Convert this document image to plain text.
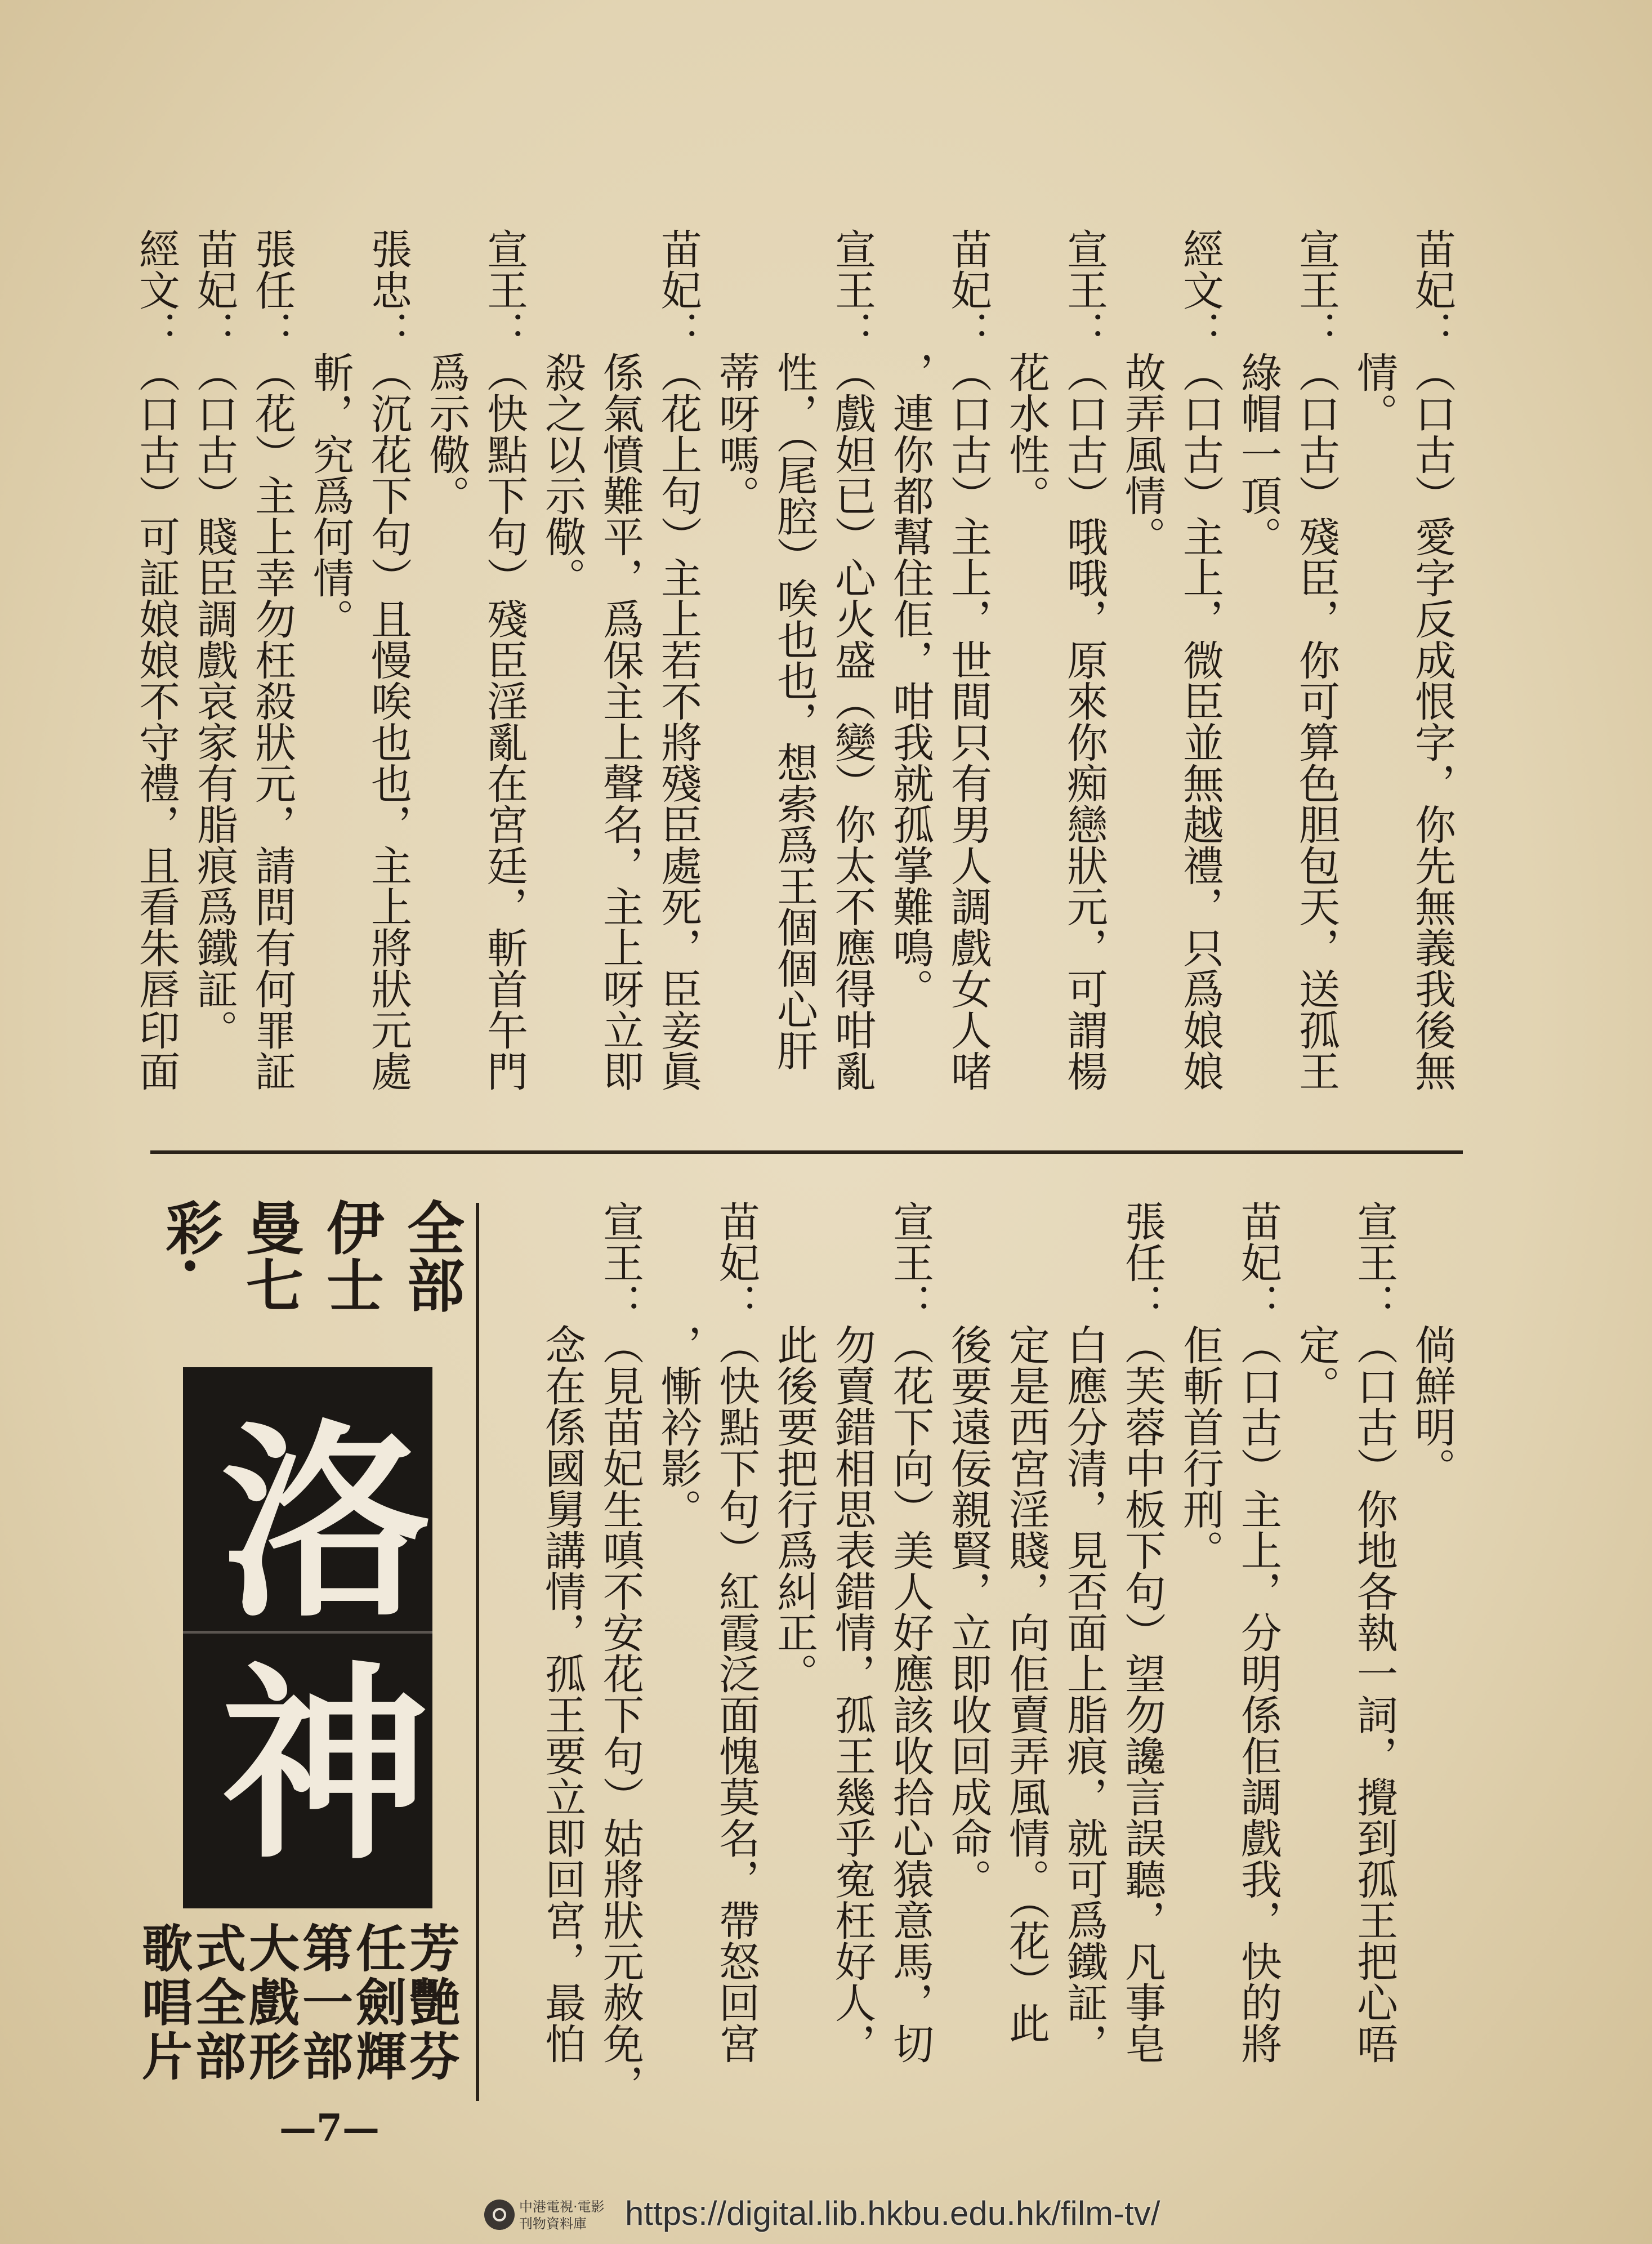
苗妃：（口古）愛字反成恨字，你先無義我後無
情。
宣王：（口古）殘臣，你可算色胆包天，送孤王
綠帽一頂。
經文：（口古）主上，微臣並無越禮，只爲娘娘
故弄風情。
宣王：（口古）哦哦，原來你痴戀狀元，可謂楊
花水性。
苗妃：（口古）主上，世間只有男人調戲女人啫
，連你都幫住佢，咁我就孤掌難鳴。
宣王：（戲妲已）心火盛（變）你太不應得咁亂
性，（尾腔）唉也也，想索爲王個個心肝
蒂呀嗎。
苗妃：（花上句）主上若不將殘臣處死，臣妾眞
係氣憤難平，爲保主上聲名，主上呀立即
殺之以示儆。
宣王：（快點下句）殘臣淫亂在宮廷，斬首午門
爲示儆。
張忠：（沉花下句）且慢唉也也，主上將狀元處
斬，究爲何情。
張任：（花）主上幸勿枉殺狀元，請問有何罪証
苗妃：（口古）賤臣調戲哀家有脂痕爲鐵証。
經文：（口古）可証娘娘不守禮，且看朱唇印面
倘鮮明。
宣王：（口古）你地各執一詞，攪到孤王把心唔
定。
苗妃：（口古）主上，分明係佢調戲我，快的將
佢斬首行刑。
張任：（芙蓉中板下句）望勿讒言誤聽，凡事皂
白應分清，見否面上脂痕，就可爲鐵証，
定是西宮淫賤，向佢賣弄風情。（花）此
後要遠佞親賢，立即收回成命。
宣王：（花下向）美人好應該收拾心猿意馬，切
勿賣錯相思表錯情，孤王幾乎寃枉好人，
此後要把行爲糾正。
苗妃：（快點下句）紅霞泛面愧莫名，帶怒回宮
，慚衿影。
宣王：（見苗妃生嗔不安花下句）姑將狀元赦免，
念在係國舅講情，孤王要立即回宮，最怕
全部
伊士
曼七
彩·
洛神
芳艷芬
任劍輝
第一部
大戲形
式全部
歌唱片
—7—
中港電視·電影
刊物資料庫	https://digital.lib.hkbu.edu.hk/film-tv/
